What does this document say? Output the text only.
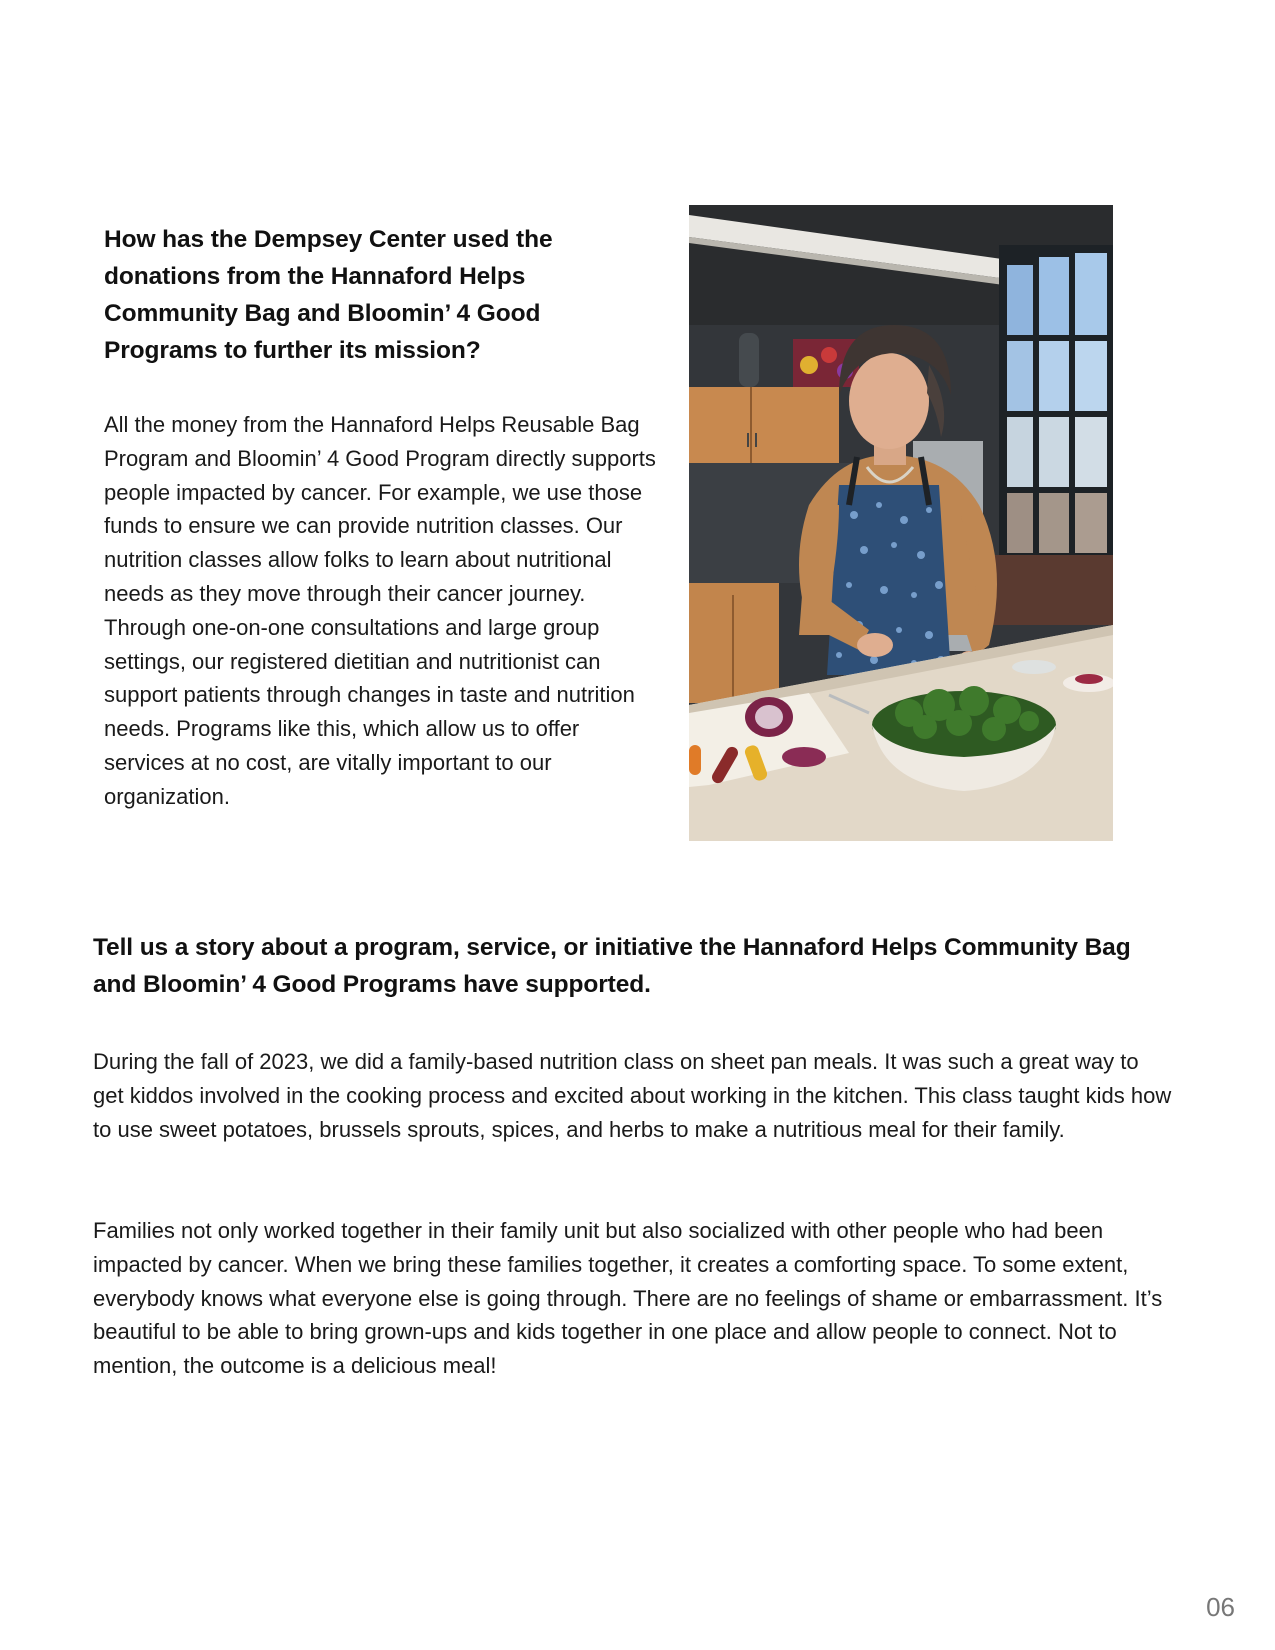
How has the Dempsey Center used the donations from the Hannaford Helps Community Bag and Bloomin’ 4 Good Programs to further its mission?

All the money from the Hannaford Helps Reusable Bag Program and Bloomin’ 4 Good Program directly supports people impacted by cancer. For example, we use those funds to ensure we can provide nutrition classes. Our nutrition classes allow folks to learn about nutritional needs as they move through their cancer journey. Through one-on-one consultations and large group settings, our registered dietitian and nutritionist can support patients through changes in taste and nutrition needs. Programs like this, which allow us to offer services at no cost, are vitally important to our organization.

Tell us a story about a program, service, or initiative the Hannaford Helps Community Bag and Bloomin’ 4 Good Programs have supported.

During the fall of 2023, we did a family-based nutrition class on sheet pan meals. It was such a great way to get kiddos involved in the cooking process and excited about working in the kitchen. This class taught kids how to use sweet potatoes, brussels sprouts, spices, and herbs to make a nutritious meal for their family.

Families not only worked together in their family unit but also socialized with other people who had been impacted by cancer. When we bring these families together, it creates a comforting space. To some extent, everybody knows what everyone else is going through. There are no feelings of shame or embarrassment. It’s beautiful to be able to bring grown-ups and kids together in one place and allow people to connect. Not to mention, the outcome is a delicious meal!

06
